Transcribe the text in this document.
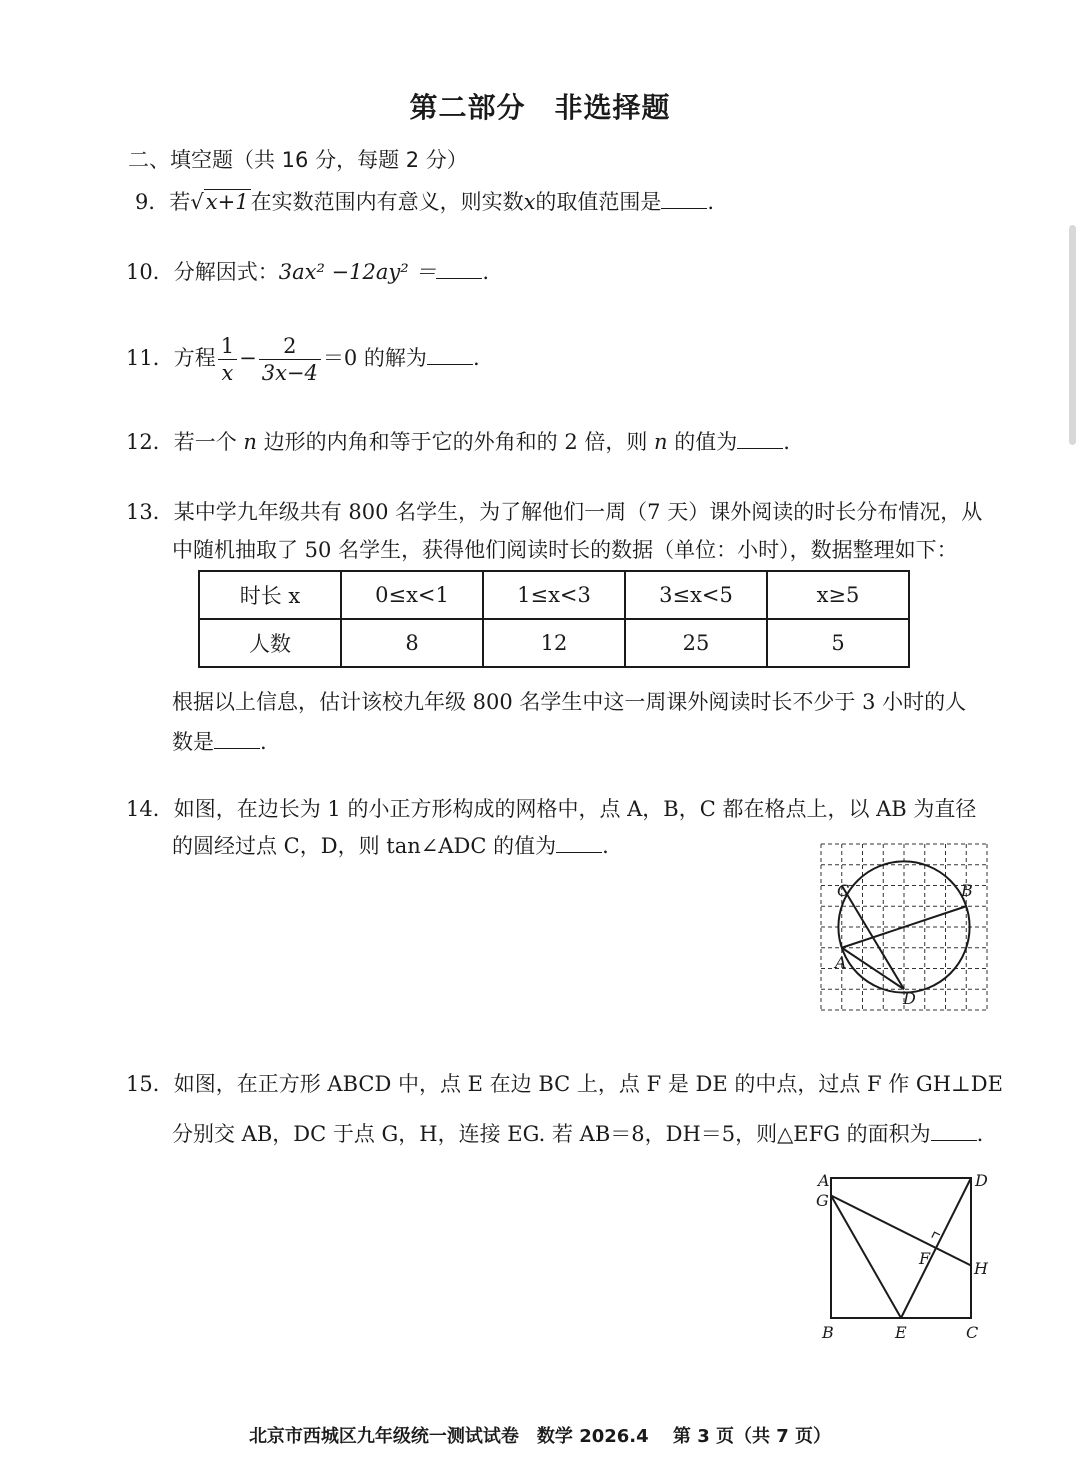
第二部分　非选择题
二、填空题（共 16 分，每题 2 分）
9．若√x+1在实数范围内有意义，则实数x的取值范围是 .
10．分解因式：3ax² −12ay² ＝ .
11．方程 $\frac{1}{x} - \frac{2}{3x-4} =0$ 的解为 .
12．若一个 n 边形的内角和等于它的外角和的 2 倍，则 n 的值为 .
13．某中学九年级共有 800 名学生，为了解他们一周（7 天）课外阅读的时长分布情况，从
中随机抽取了 50 名学生，获得他们阅读时长的数据（单位：小时），数据整理如下：
时长 x	0≤x<1	1≤x<3	3≤x<5	x≥5
人数	8	12	25	5
根据以上信息，估计该校九年级 800 名学生中这一周课外阅读时长不少于 3 小时的人
数是 .
14．如图，在边长为 1 的小正方形构成的网格中，点 A，B，C 都在格点上，以 AB 为直径
的圆经过点 C，D，则 tan∠ADC 的值为 .
C	B
A
D
15．如图，在正方形 ABCD 中，点 E 在边 BC 上，点 F 是 DE 的中点，过点 F 作 GH⊥DE
分别交 AB，DC 于点 G，H，连接 EG. 若 AB＝8，DH＝5，则△EFG 的面积为 .
A
G
D
F
H
B	E	C
北京市西城区九年级统一测试试卷　数学 2026.4　 第 3 页（共 7 页）
